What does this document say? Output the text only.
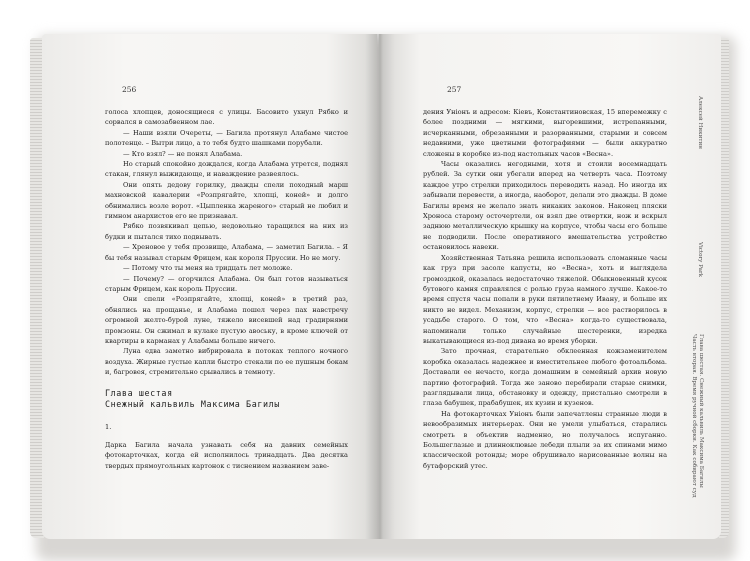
256

голоса хлопцев, доносящиеся с улицы. Басовито ухнул Рябко и сорвался в самозабвенном лае.

— Наши взяли Очереты, — Багила протянул Алабаме чистое полотенце. – Вытри лицо, а то тебя будто шашками порубали.

— Кто взял? — не понял Алабама.

Но старый спокойно дождался, когда Алабама утрется, поднял стакан, глянул выжидающе, и наваждение развеялось.

Они опять дедову горилку, дважды спели походный марш махновской кавалерии «Розпрягайте, хлопці, коней» и долго обнимались возле ворот. «Цыпленка жареного» старый не любил и гимном анархистов его не признавал.

Рябко позвякивал цепью, недовольно таращился на них из будки и пытался тихо подвывать.

— Хреновое у тебя прозвище, Алабама, — заметил Багила. – Я бы тебя называл старым Фрицем, как короля Пруссии. Но не могу.

— Потому что ты меня на тридцать лет моложе.

— Почему? — огорчился Алабама. Он был готов называться старым Фрицем, как король Пруссии.

Они спели «Розпрягайте, хлопці, коней» в третий раз, обнялись на прощанье, и Алабама пошел через пах навстречу огромной желто-бурой луне, тяжело висевшей над градирнями промзоны. Он сжимал в кулаке пустую авоську, в кроме ключей от квартиры в карманах у Алабамы больше ничего.

Луна едва заметно вибрировала в потоках теплого ночного воздуха. Жирные густые капли быстро стекали по ее пушным бокам и, багровея, стремительно срывались в темноту.

Глава шестая
Снежный кальвиль Максима Багилы
1.

Дарка Багила начала узнавать себя на давних семейных фотокарточках, когда ей исполнилось тринадцать. Два десятка твердых прямоугольных картонок с тиснением названием заве-

257

дения Унiонъ и адресом: Кiевъ, Константиновская, 15 вперемежку с более поздними — мягкими, выгоревшими, истрепанными, исчерканными, обрезанными и разорванными, старыми и совсем недавними, уже цветными фотографиями — были аккуратно сложены в коробке из-под настольных часов «Весна».

Часы оказались негодными, хотя и стоили восемнадцать рублей. За сутки они убегали вперед на четверть часа. Поэтому каждое утро стрелки приходилось переводить назад. Но иногда их забывали перевести, а иногда, наоборот, делали это дважды. В доме Багилы время не желало знать никаких законов. Наконец пляски Хроноса старому осточертели, он взял две отвертки, нож и вскрыл заднюю металлическую крышку на корпусе, чтобы часы его больше не подводили. После оперативного вмешательства устройство остановилось навеки.

Хозяйственная Татьяна решила использовать сломанные часы как груз при засоле капусты, но «Весна», хоть и выглядела громоздкой, оказалась недостаточно тяжелой. Обыкновенный кусок бутового камня справлялся с ролью груза намного лучше. Какое-то время спустя часы попали в руки пятилетнему Ивану, и больше их никто не видел. Механизм, корпус, стрелки — все растворилось в усадьбе старого. О том, что «Весна» когда-то существовала, напоминали только случайные шестеренки, изредка выкатывающиеся из-под дивана во время уборки.

Зато прочная, старательно обклеенная кожзаменителем коробка оказалась надежнее и вместительнее любого фотоальбома. Доставали ее нечасто, когда домашним в семейный архив новую партию фотографий. Тогда же заново перебирали старые снимки, разглядывали лица, обстановку и одежду, пристально смотрели в глаза бабушек, прабабушек, их кузин и кузенов.

На фотокарточках Унiонъ были запечатлены странные люди в невообразимых интерьерах. Они не умели улыбаться, старались смотреть в объектив надменно, но получалось испуганно. Большеглазые и длинноклювые лебеди плыли за их спинами мимо классической ротонды; море обрушивало нарисованные волны на бутафорский утес.

Алексей Никитин
Victory Park
Часть вторая. Время ручной сборки. Как собирают суд Глава шестая. Снежный кальвиль Максима Багилы
